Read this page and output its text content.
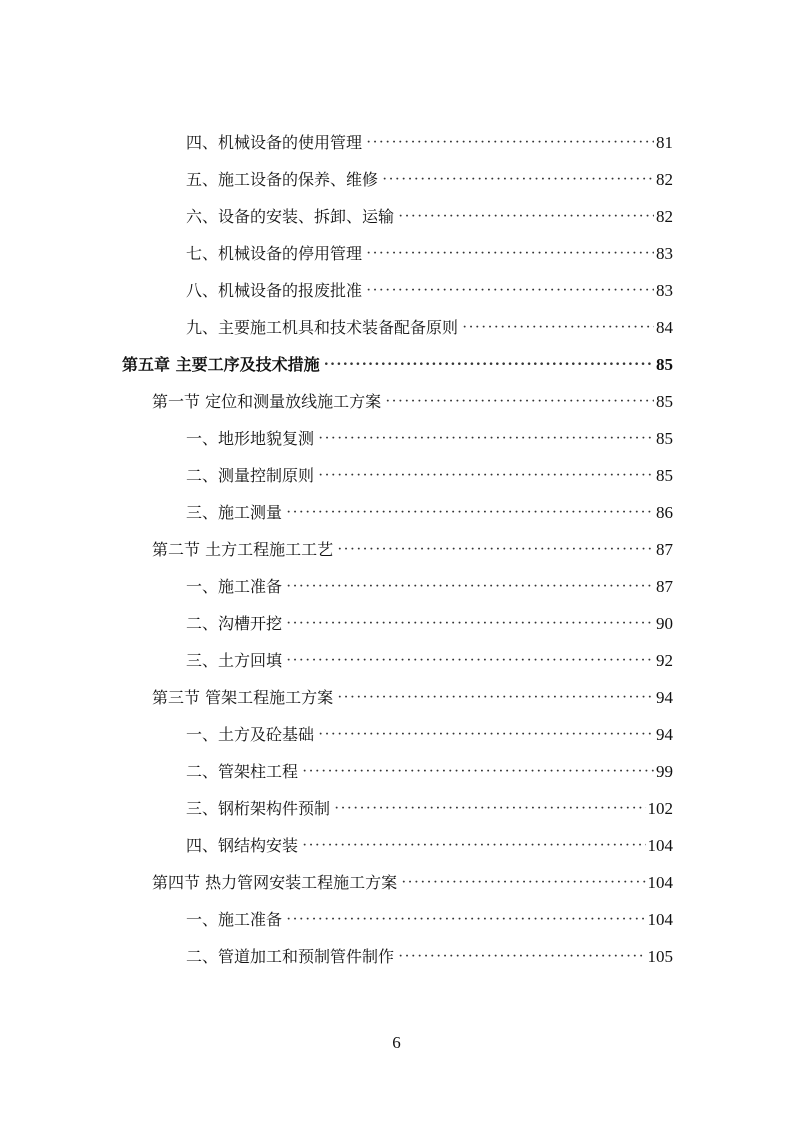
四、机械设备的使用管理 ·····	81
五、施工设备的保养、维修 ·····	82
六、设备的安装、拆卸、运输 ·····	82
七、机械设备的停用管理 ·····	83
八、机械设备的报废批准 ·····	83
九、主要施工机具和技术装备配备原则 ·····	84
第五章 主要工序及技术措施 ·····	85
第一节 定位和测量放线施工方案 ·····	85
一、地形地貌复测 ·····	85
二、测量控制原则 ·····	85
三、施工测量 ·····	86
第二节 土方工程施工工艺 ·····	87
一、施工准备 ·····	87
二、沟槽开挖 ·····	90
三、土方回填 ·····	92
第三节 管架工程施工方案 ·····	94
一、土方及砼基础 ·····	94
二、管架柱工程 ·····	99
三、钢桁架构件预制 ·····	102
四、钢结构安装 ·····	104
第四节 热力管网安装工程施工方案 ·····	104
一、施工准备 ·····	104
二、管道加工和预制管件制作 ·····	105
6
